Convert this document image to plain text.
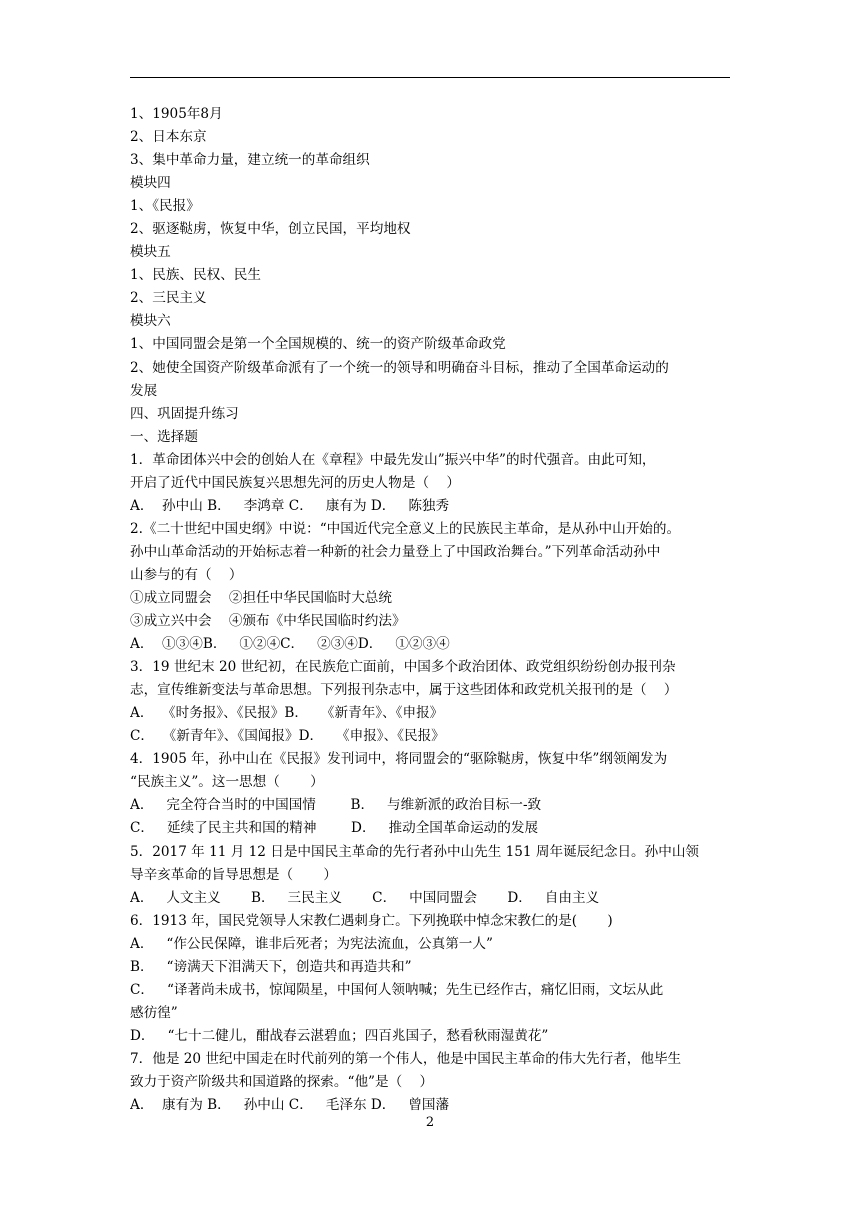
1、1905年8月
2、日本东京
3、集中革命力量，建立统一的革命组织
模块四
1、《民报》
2、驱逐鞑虏，恢复中华，创立民国，平均地权
模块五
1、民族、民权、民生
2、三民主义
模块六
1、中国同盟会是第一个全国规模的、统一的资产阶级革命政党
2、她使全国资产阶级革命派有了一个统一的领导和明确奋斗目标，推动了全国革命运动的
发展
四、巩固提升练习
一、选择题
1．革命团体兴中会的创始人在《章程》中最先发山”振兴中华”的时代强音。由此可知，
开启了近代中国民族复兴思想先河的历史人物是（    ）
A．  孙中山 B．   李鸿章 C．   康有为 D．   陈独秀
2.《二十世纪中国史纲》中说：“中国近代完全意义上的民族民主革命，是从孙中山开始的。
孙中山革命活动的开始标志着一种新的社会力量登上了中国政治舞台。”下列革命活动孙中
山参与的有（    ）
①成立同盟会    ②担任中华民国临时大总统
③成立兴中会    ④颁布《中华民国临时约法》
A．  ①③④B．   ①②④C．   ②③④D．   ①②③④
3．19 世纪末 20 世纪初，在民族危亡面前，中国多个政治团体、政党组织纷纷创办报刊杂
志，宣传维新变法与革命思想。下列报刊杂志中，属于这些团体和政党机关报刊的是（    ）
A．  《时务报》、《民报》B．   《新青年》、《申报》
C．  《新青年》、《国闻报》D．   《申报》、《民报》
4．1905 年，孙中山在《民报》发刊词中，将同盟会的“驱除鞑虏，恢复中华”纲领阐发为
“民族主义”。这一思想（       ）
A．   完全符合当时的中国国情        B．   与维新派的政治目标一-致
C．   延续了民主共和国的精神        D．   推动全国革命运动的发展
5．2017 年 11 月 12 日是中国民主革命的先行者孙中山先生 151 周年诞辰纪念日。孙中山领
导辛亥革命的旨导思想是（       ）
A．   人文主义       B．   三民主义       C．   中国同盟会       D．   自由主义
6．1913 年，国民党领导人宋教仁遇刺身亡。下列挽联中悼念宋教仁的是(       )
A．   “作公民保障，谁非后死者；为宪法流血，公真第一人”
B．   “谤满天下泪满天下，创造共和再造共和”
C．   “译著尚未成书，惊闻陨星，中国何人领呐喊；先生已经作古，痛忆旧雨，文坛从此
感彷徨”
D．   “七十二健儿，酣战春云湛碧血；四百兆国子，愁看秋雨湿黄花”
7．他是 20 世纪中国走在时代前列的第一个伟人，他是中国民主革命的伟大先行者，他毕生
致力于资产阶级共和国道路的探索。“他”是（    ）
A．  康有为 B．   孙中山 C．   毛泽东 D．   曾国藩
2
